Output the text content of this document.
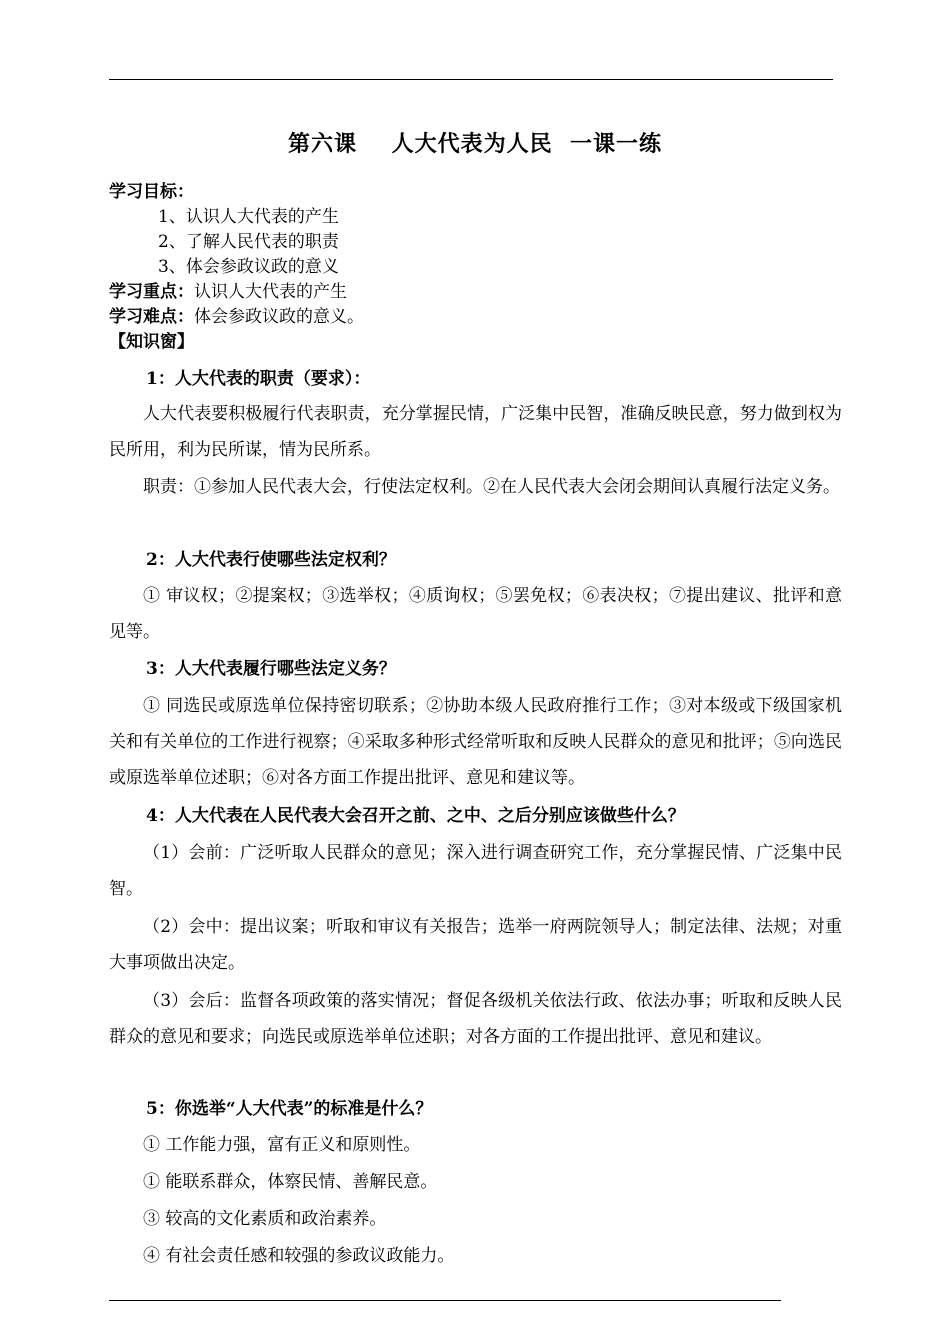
第六课    人大代表为人民  一课一练
学习目标：
1、认识人大代表的产生
2、了解人民代表的职责
3、体会参政议政的意义
学习重点：认识人大代表的产生
学习难点：体会参政议政的意义。
【知识窗】
1：人大代表的职责（要求）：
人大代表要积极履行代表职责，充分掌握民情，广泛集中民智，准确反映民意，努力做到权为民所用，利为民所谋，情为民所系。
职责：①参加人民代表大会，行使法定权利。②在人民代表大会闭会期间认真履行法定义务。
2：人大代表行使哪些法定权利？
① 审议权；②提案权；③选举权；④质询权；⑤罢免权；⑥表决权；⑦提出建议、批评和意见等。
3：人大代表履行哪些法定义务？
① 同选民或原选单位保持密切联系；②协助本级人民政府推行工作；③对本级或下级国家机关和有关单位的工作进行视察；④采取多种形式经常听取和反映人民群众的意见和批评；⑤向选民或原选举单位述职；⑥对各方面工作提出批评、意见和建议等。
4：人大代表在人民代表大会召开之前、之中、之后分别应该做些什么？
（1）会前：广泛听取人民群众的意见；深入进行调查研究工作，充分掌握民情、广泛集中民智。
（2）会中：提出议案；听取和审议有关报告；选举一府两院领导人；制定法律、法规；对重大事项做出决定。
（3）会后：监督各项政策的落实情况；督促各级机关依法行政、依法办事；听取和反映人民群众的意见和要求；向选民或原选举单位述职；对各方面的工作提出批评、意见和建议。
5：你选举“人大代表”的标准是什么？
① 工作能力强，富有正义和原则性。
① 能联系群众，体察民情、善解民意。
③ 较高的文化素质和政治素养。
④ 有社会责任感和较强的参政议政能力。
